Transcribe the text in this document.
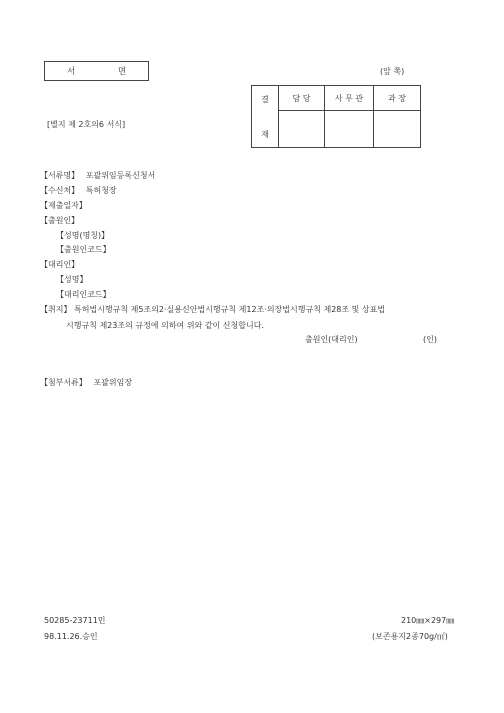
서 면	(앞 쪽)
[별지 제 2호의6 서식]
결
재	담 당	사 무 관	과 장

【서류명】 포괄위임등록신청서
【수신처】 특허청장
【제출일자】
【출원인】
【성명(명칭)】
【출원인코드】
【대리인】
【성명】
【대리인코드】
【취지】 특허법시행규칙 제5조의2·실용신안법시행규칙 제12조·의장법시행규칙 제28조 및 상표법
시행규칙 제23조의 규정에 의하여 위와 같이 신청합니다.
출원인(대리인)	(인)
【첨부서류】 포괄위임장
50285-23711민
98.11.26.승인
210㎜×297㎜
(보존용지2종70g/㎡)
